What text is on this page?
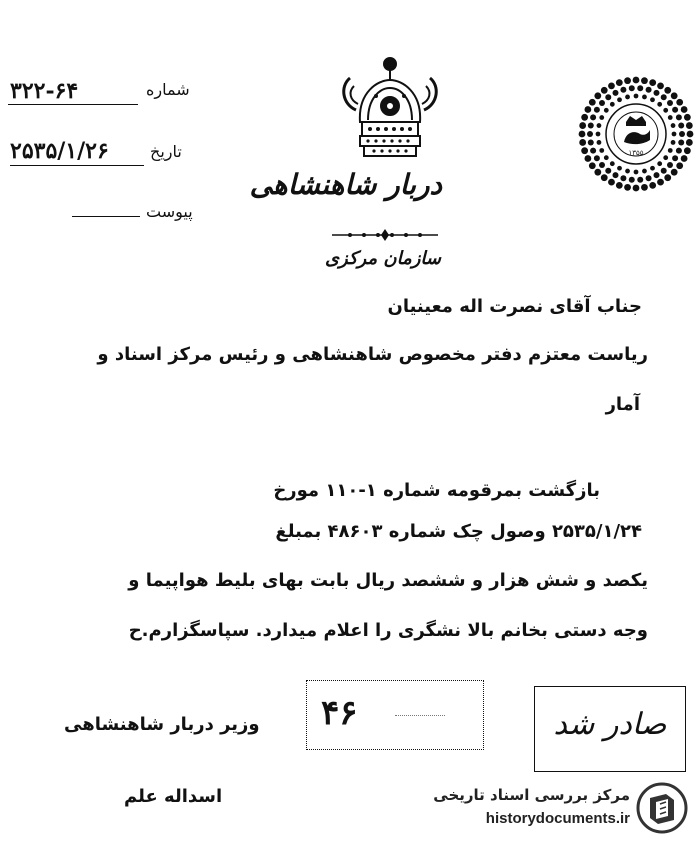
شماره
۳۲۲-۶۴
تاریخ
۲۵۳۵/۱/۲۶
پیوست
دربار شاهنشاهی
سازمان مرکزی
۱۳۵۵
جناب آقای نصرت اله معینیان
ریاست معتزم دفتر مخصوص شاهنشاهی و رئیس مرکز اسناد و
آمار
بازگشت بمرقومه شماره ۱-۱۱۰ مورخ
۲۵۳۵/۱/۲۴ وصول چک شماره ۴۸۶۰۳ بمبلغ
یکصد و شش هزار و ششصد ریال بابت بهای بلیط هواپیما و
وجه دستی بخانم بالا نشگری را اعلام میدارد. سپاسگزارم.ح
۴۶	صادر شد
وزیر دربار شاهنشاهی
اسداله علم	مرکز بررسی اسناد تاریخی
historydocuments.ir
